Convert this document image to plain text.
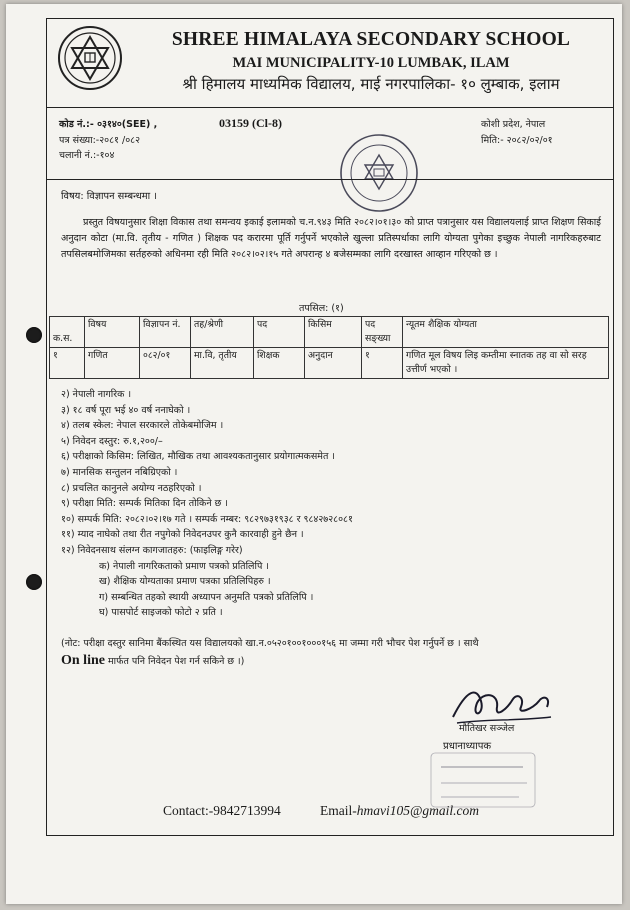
SHREE HIMALAYA SECONDARY SCHOOL
MAI MUNICIPALITY-10 LUMBAK, ILAM
श्री हिमालय माध्यमिक विद्यालय, माई नगरपालिका- १० लुम्बाक, इलाम
कोड नं.:- ०३१४०(SEE) ,	03159 (Cl-8)
पत्र संख्या:-२०८१ /०८२
चलानी नं.:-१०४
कोशी प्रदेश, नेपाल
मिति:- २०८२/०२/०१
विषय: विज्ञापन सम्बन्धमा ।

प्रस्तुत विषयानुसार शिक्षा विकास तथा समन्वय इकाई इलामको च.न.९४३ मिति २०८२।०१।३० को प्राप्त पत्रानुसार यस विद्यालयलाई प्राप्त शिक्षण सिकाई अनुदान कोटा (मा.वि. तृतीय - गणित ) शिक्षक पद करारमा पूर्ति गर्नुपर्ने भएकोले खुल्ला प्रतिस्पर्धाका लागि योग्यता पुगेका इच्छुक नेपाली नागरिकहरुबाट तपसिलबमोजिमका सर्तहरुको अधिनमा रही मिति २०८२।०२।१५ गते अपरान्ह ४ बजेसम्मका लागि दरखास्त आव्हान गरिएको छ ।

तपसिल: (१)
क.स.	विषय	विज्ञापन नं.	तह/श्रेणी	पद	किसिम	पद सङ्ख्या	न्यूतम शैक्षिक योग्यता
१	गणित	०८२/०१	मा.वि, तृतीय	शिक्षक	अनुदान	१	गणित मूल विषय लिइ कम्तीमा स्नातक तह वा सो सरह उत्तीर्ण भएको ।
२) नेपाली नागरिक ।
३) १८ वर्ष पूरा भई ४० वर्ष ननाघेको ।
४) तलब स्केल: नेपाल सरकारले तोकेबमोजिम ।
५) निवेदन दस्तुर: रु.१,२००/–
६) परीक्षाको किसिम: लिखित, मौखिक तथा आवश्यकतानुसार प्रयोगात्मकसमेत ।
७) मानसिक सन्तुलन नबिग्रिएको ।
८) प्रचलित कानुनले अयोग्य नठहरिएको ।
९) परीक्षा मिति: सम्पर्क मितिका दिन तोकिने छ ।
१०) सम्पर्क मिति: २०८२।०२।१७ गते । सम्पर्क नम्बर: ९८२९७३१९३८ र ९८४२७२८०८१
११) म्याद नाघेको तथा रीत नपुगेको निवेदनउपर कुनै कारवाही हुने छैन ।
१२) निवेदनसाथ संलग्न कागजातहरु: (फाइलिङ्ग गरेर)
क) नेपाली नागरिकताको प्रमाण पत्रको प्रतिलिपि ।
ख) शैक्षिक योग्यताका प्रमाण पत्रका प्रतिलिपिहरु ।
ग) सम्बन्धित तहको स्थायी अध्यापन अनुमति पत्रको प्रतिलिपि ।
घ) पासपोर्ट साइजको फोटो २ प्रति ।
(नोट: परीक्षा दस्तुर सानिमा बैंकस्थित यस विद्यालयको खा.न.०५२०१००१०००१५६ मा जम्मा गरी भौचर पेश गर्नुपर्ने छ । साथै
On line मार्फत पनि निवेदन पेश गर्न सकिने छ ।)
मौतिखर सञ्जेल
प्रधानाध्यापक
Contact:-9842713994	Email-hmavi105@gmail.com
